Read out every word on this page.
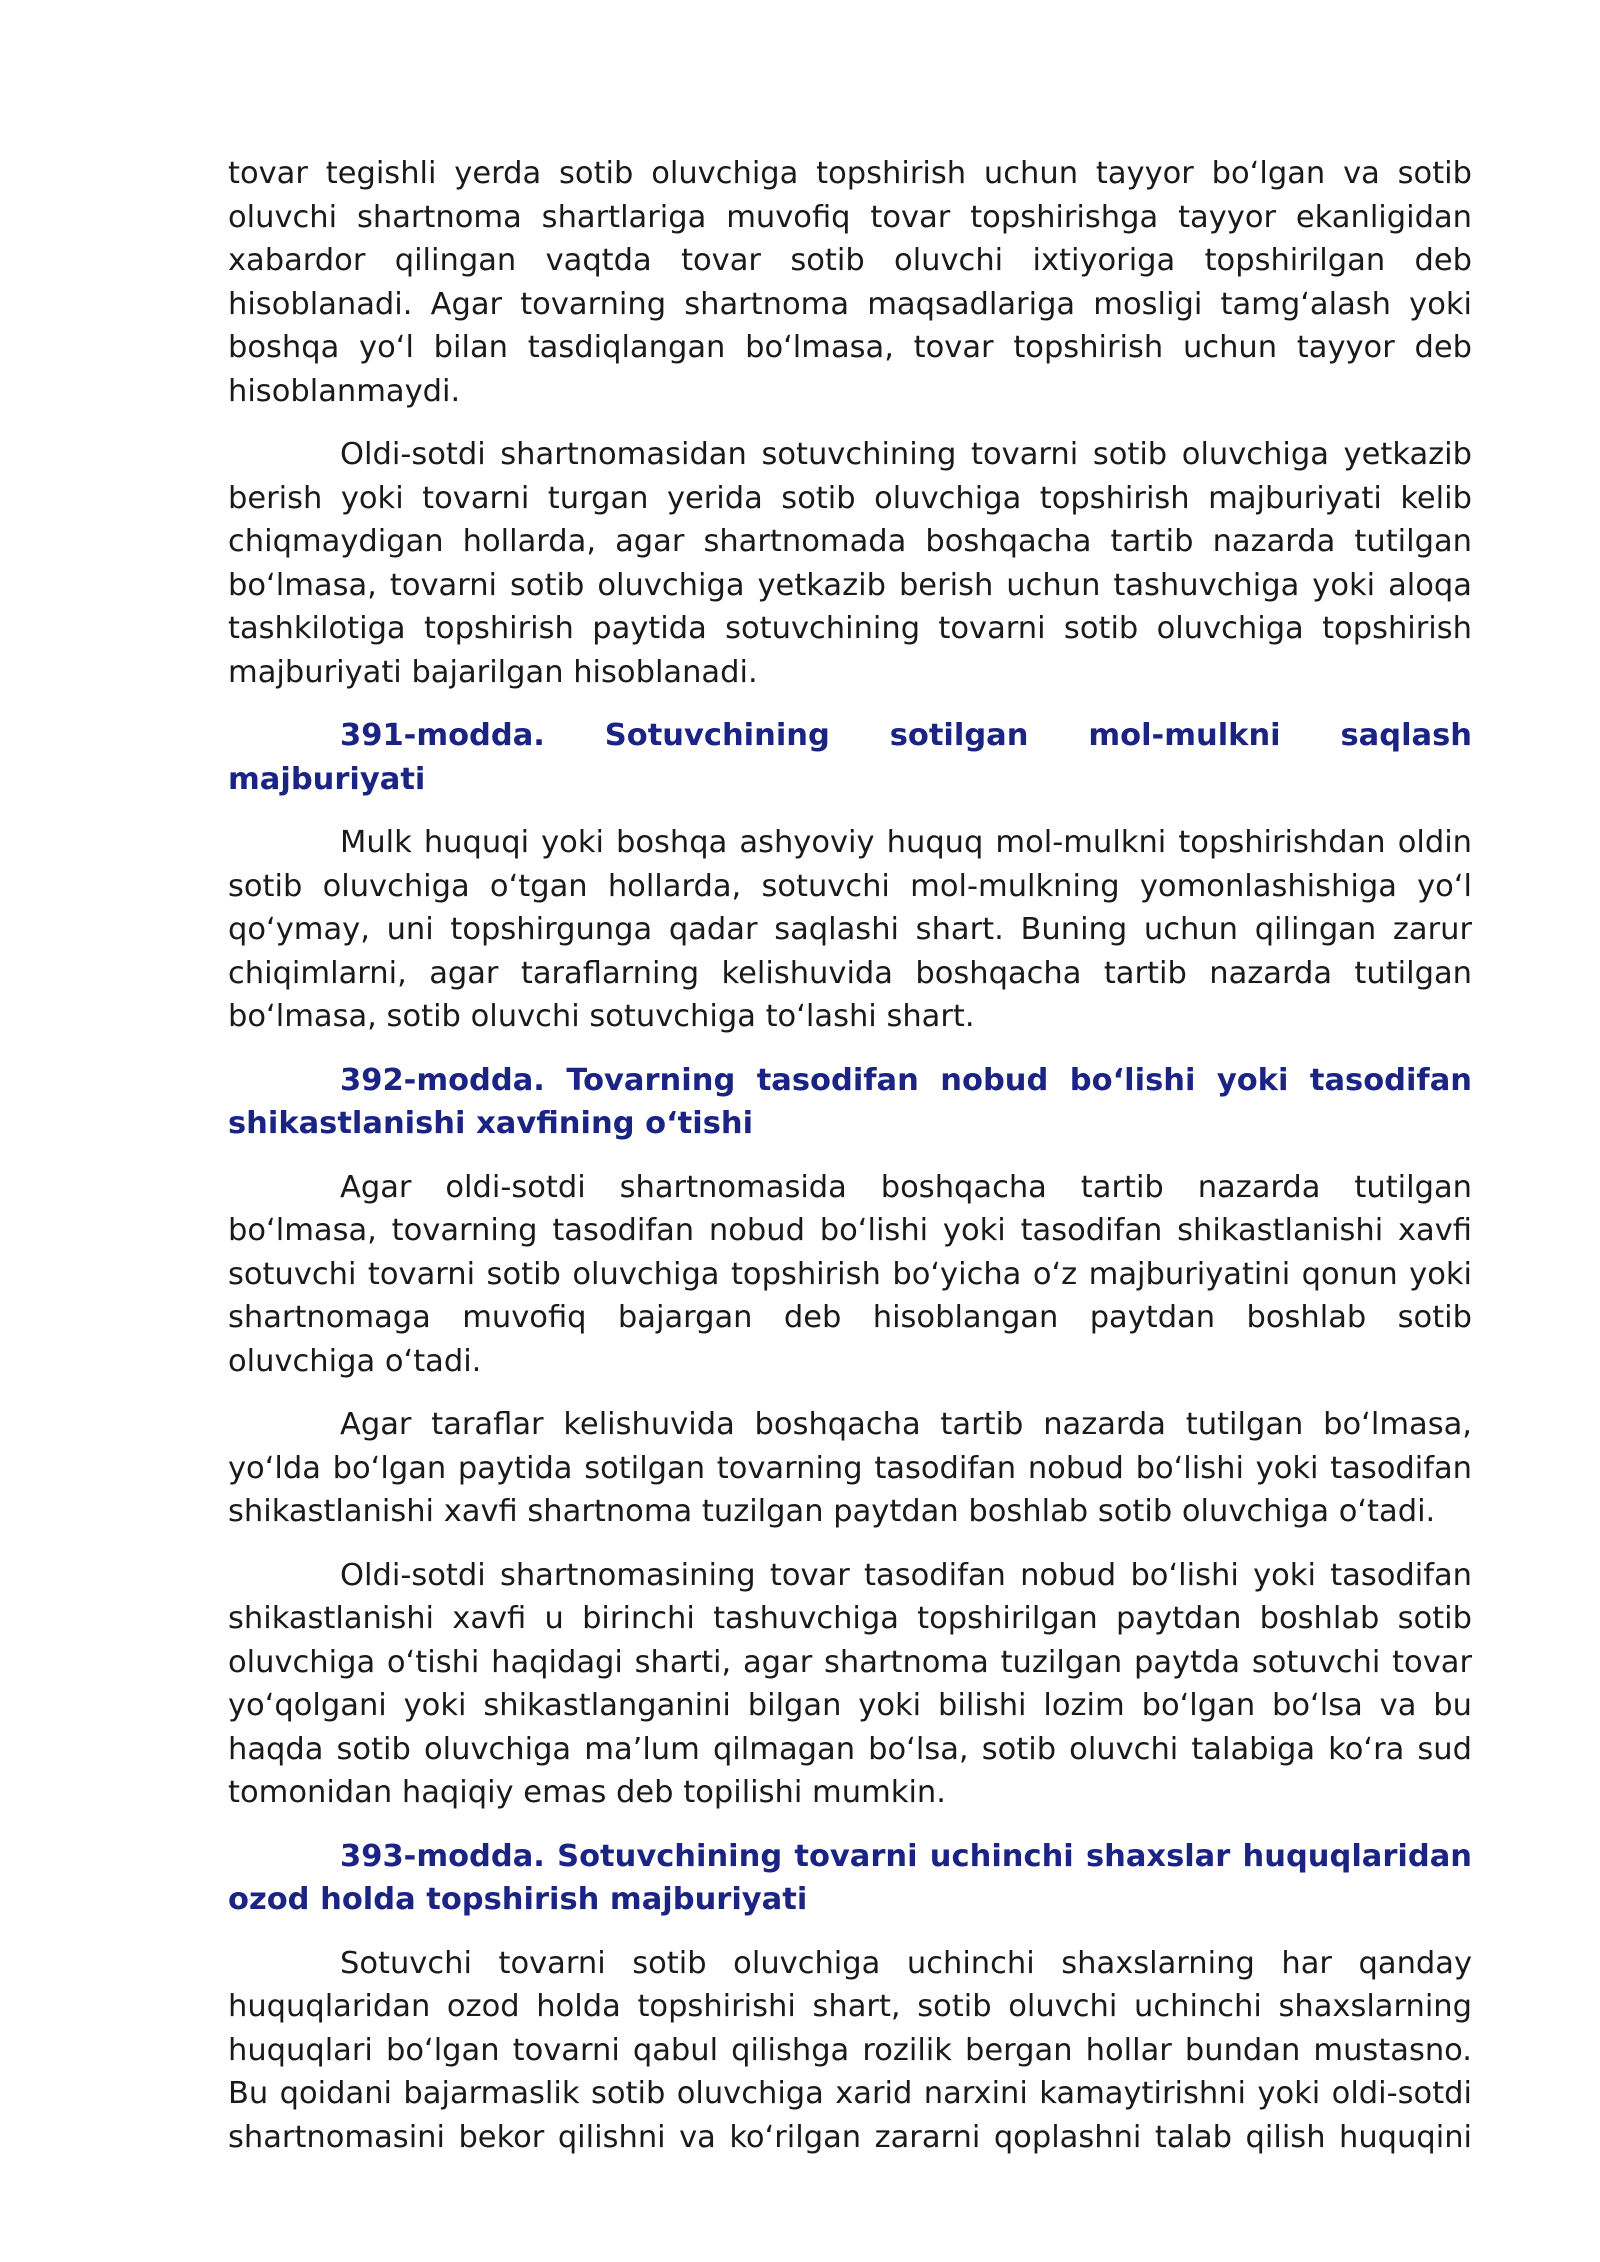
tovar tegishli yerda sotib oluvchiga topshirish uchun tayyor bo‘lgan va sotib oluvchi shartnoma shartlariga muvofiq tovar topshirishga tayyor ekanligidan xabardor qilingan vaqtda tovar sotib oluvchi ixtiyoriga topshirilgan deb hisoblanadi. Agar tovarning shartnoma maqsadlariga mosligi tamg‘alash yoki boshqa yo‘l bilan tasdiqlangan bo‘lmasa, tovar topshirish uchun tayyor deb hisoblanmaydi.

Oldi-sotdi shartnomasidan sotuvchining tovarni sotib oluvchiga yetkazib berish yoki tovarni turgan yerida sotib oluvchiga topshirish majburiyati kelib chiqmaydigan hollarda, agar shartnomada boshqacha tartib nazarda tutilgan bo‘lmasa, tovarni sotib oluvchiga yetkazib berish uchun tashuvchiga yoki aloqa tashkilotiga topshirish paytida sotuvchining tovarni sotib oluvchiga topshirish majburiyati bajarilgan hisoblanadi.

391-modda. Sotuvchining sotilgan mol-mulkni saqlash majburiyati

Mulk huquqi yoki boshqa ashyoviy huquq mol-mulkni topshirishdan oldin sotib oluvchiga o‘tgan hollarda, sotuvchi mol-mulkning yomonlashishiga yo‘l qo‘ymay, uni topshirgunga qadar saqlashi shart. Buning uchun qilingan zarur chiqimlarni, agar taraflarning kelishuvida boshqacha tartib nazarda tutilgan bo‘lmasa, sotib oluvchi sotuvchiga to‘lashi shart.

392-modda. Tovarning tasodifan nobud bo‘lishi yoki tasodifan shikastlanishi xavfining o‘tishi

Agar oldi-sotdi shartnomasida boshqacha tartib nazarda tutilgan bo‘lmasa, tovarning tasodifan nobud bo‘lishi yoki tasodifan shikastlanishi xavfi sotuvchi tovarni sotib oluvchiga topshirish bo‘yicha o‘z majburiyatini qonun yoki shartnomaga muvofiq bajargan deb hisoblangan paytdan boshlab sotib oluvchiga o‘tadi.

Agar taraflar kelishuvida boshqacha tartib nazarda tutilgan bo‘lmasa, yo‘lda bo‘lgan paytida sotilgan tovarning tasodifan nobud bo‘lishi yoki tasodifan shikastlanishi xavfi shartnoma tuzilgan paytdan boshlab sotib oluvchiga o‘tadi.

Oldi-sotdi shartnomasining tovar tasodifan nobud bo‘lishi yoki tasodifan shikastlanishi xavfi u birinchi tashuvchiga topshirilgan paytdan boshlab sotib oluvchiga o‘tishi haqidagi sharti, agar shartnoma tuzilgan paytda sotuvchi tovar yo‘qolgani yoki shikastlanganini bilgan yoki bilishi lozim bo‘lgan bo‘lsa va bu haqda sotib oluvchiga ma’lum qilmagan bo‘lsa, sotib oluvchi talabiga ko‘ra sud tomonidan haqiqiy emas deb topilishi mumkin.

393-modda. Sotuvchining tovarni uchinchi shaxslar huquqlaridan ozod holda topshirish majburiyati

Sotuvchi tovarni sotib oluvchiga uchinchi shaxslarning har qanday huquqlaridan ozod holda topshirishi shart, sotib oluvchi uchinchi shaxslarning huquqlari bo‘lgan tovarni qabul qilishga rozilik bergan hollar bundan mustasno. Bu qoidani bajarmaslik sotib oluvchiga xarid narxini kamaytirishni yoki oldi-sotdi shartnomasini bekor qilishni va ko‘rilgan zararni qoplashni talab qilish huquqini
